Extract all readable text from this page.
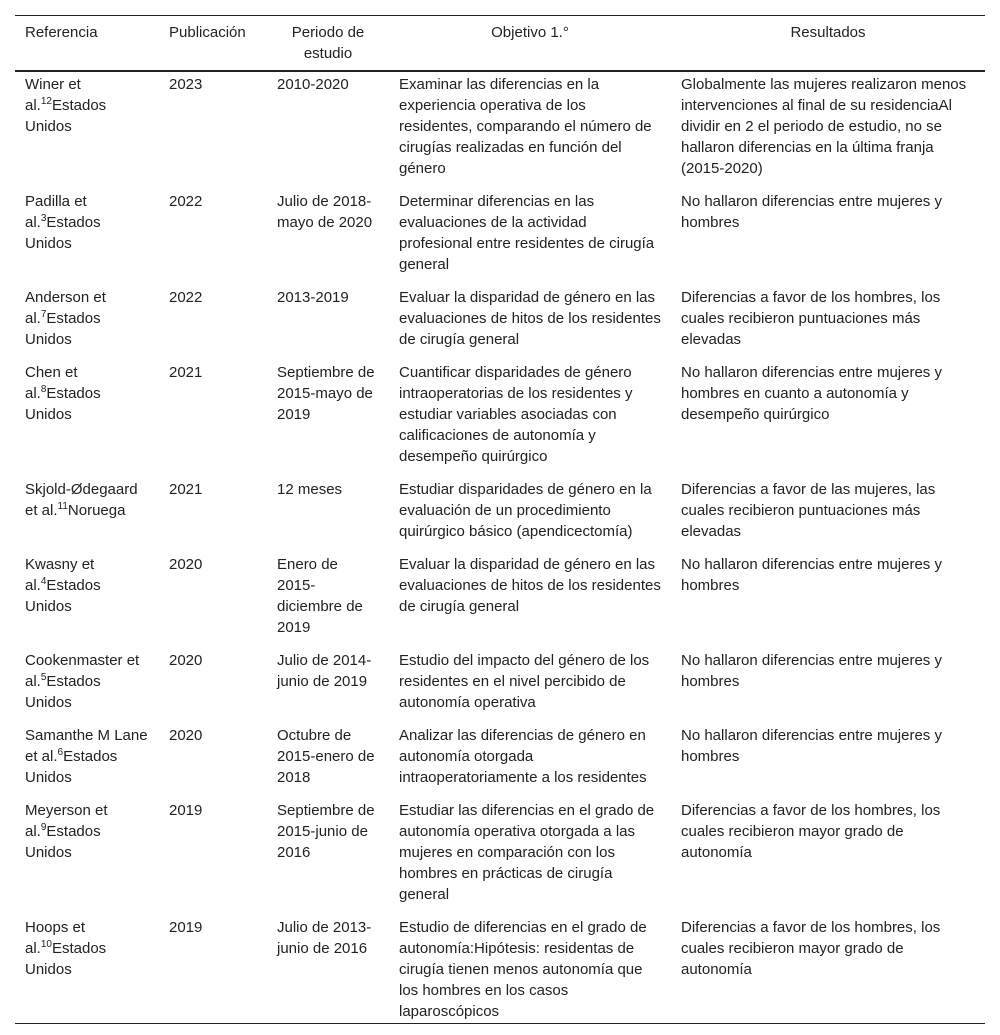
Referencia	Publicación	Periodo de estudio	Objetivo 1.°	Resultados
Winer et al.$^{12}$Estados Unidos	2023	2010-2020	Examinar las diferencias en la experiencia operativa de los residentes, comparando el número de cirugías realizadas en función del género	Globalmente las mujeres realizaron menos intervenciones al final de su residenciaAl dividir en 2 el periodo de estudio, no se hallaron diferencias en la última franja (2015-2020)
Padilla et al.$^3$Estados Unidos	2022	Julio de 2018-mayo de 2020	Determinar diferencias en las evaluaciones de la actividad profesional entre residentes de cirugía general	No hallaron diferencias entre mujeres y hombres
Anderson et al.$^7$Estados Unidos	2022	2013-2019	Evaluar la disparidad de género en las evaluaciones de hitos de los residentes de cirugía general	Diferencias a favor de los hombres, los cuales recibieron puntuaciones más elevadas
Chen et al.$^8$Estados Unidos	2021	Septiembre de 2015-mayo de 2019	Cuantificar disparidades de género intraoperatorias de los residentes y estudiar variables asociadas con calificaciones de autonomía y desempeño quirúrgico	No hallaron diferencias entre mujeres y hombres en cuanto a autonomía y desempeño quirúrgico
Skjold-Ødegaard et al.$^{11}$Noruega	2021	12 meses	Estudiar disparidades de género en la evaluación de un procedimiento quirúrgico básico (apendicectomía)	Diferencias a favor de las mujeres, las cuales recibieron puntuaciones más elevadas
Kwasny et al.$^4$Estados Unidos	2020	Enero de 2015-diciembre de 2019	Evaluar la disparidad de género en las evaluaciones de hitos de los residentes de cirugía general	No hallaron diferencias entre mujeres y hombres
Cookenmaster et al.$^5$Estados Unidos	2020	Julio de 2014-junio de 2019	Estudio del impacto del género de los residentes en el nivel percibido de autonomía operativa	No hallaron diferencias entre mujeres y hombres
Samanthe M Lane et al.$^6$Estados Unidos	2020	Octubre de 2015-enero de 2018	Analizar las diferencias de género en autonomía otorgada intraoperatoriamente a los residentes	No hallaron diferencias entre mujeres y hombres
Meyerson et al.$^9$Estados Unidos	2019	Septiembre de 2015-junio de 2016	Estudiar las diferencias en el grado de autonomía operativa otorgada a las mujeres en comparación con los hombres en prácticas de cirugía general	Diferencias a favor de los hombres, los cuales recibieron mayor grado de autonomía
Hoops et al.$^{10}$Estados Unidos	2019	Julio de 2013-junio de 2016	Estudio de diferencias en el grado de autonomía:Hipótesis: residentas de cirugía tienen menos autonomía que los hombres en los casos laparoscópicos	Diferencias a favor de los hombres, los cuales recibieron mayor grado de autonomía
